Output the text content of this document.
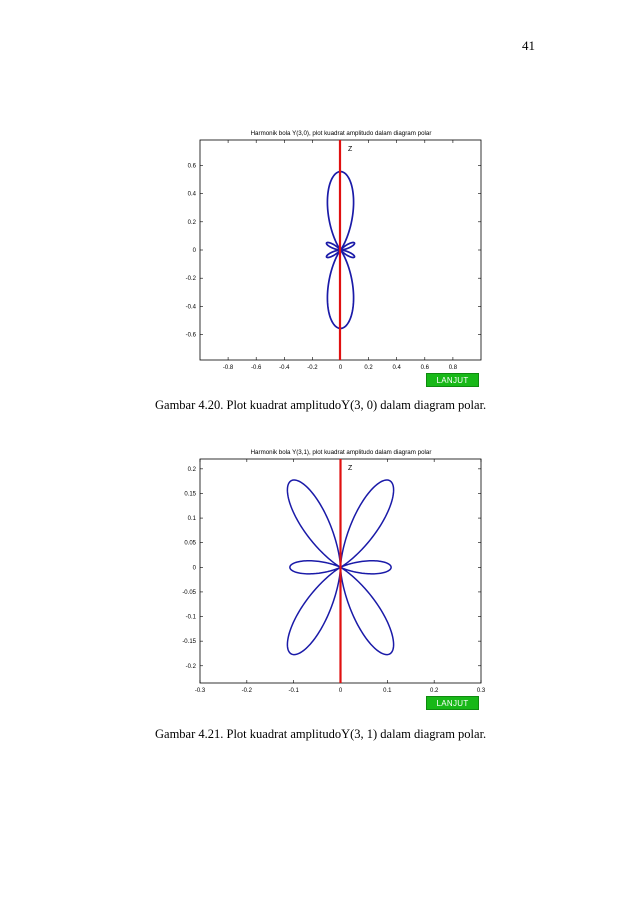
41
Harmonik bola Y(3,0), plot kuadrat amplitudo dalam diagram polar
-0.8	-0.6	-0.4	-0.2	0	0.2	0.4	0.6	0.8
0.6
0.4
0.2
0
-0.2
-0.4
-0.6
Z
LANJUT
Gambar 4.20. Plot kuadrat amplitudoY(3, 0) dalam diagram polar.
Harmonik bola Y(3,1), plot kuadrat amplitudo dalam diagram polar
-0.3	-0.2	-0.1	0	0.1	0.2	0.3
0.2
0.15
0.1
0.05
0
-0.05
-0.1
-0.15
-0.2
Z
LANJUT
Gambar 4.21. Plot kuadrat amplitudoY(3, 1) dalam diagram polar.
